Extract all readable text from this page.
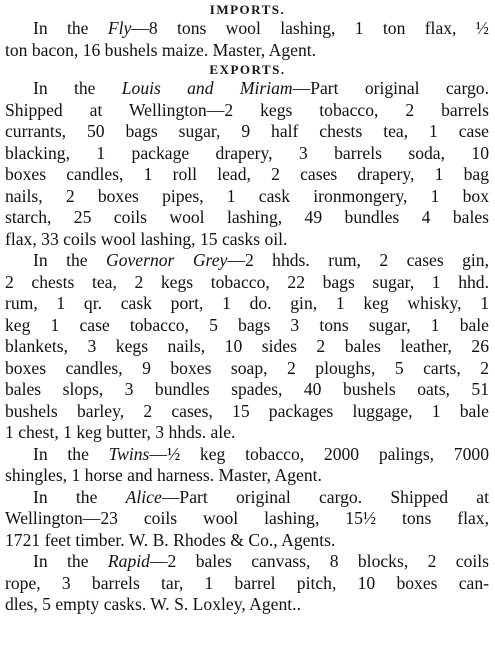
IMPORTS.
In the Fly—8 tons wool lashing, 1 ton flax, ½
ton bacon, 16 bushels maize. Master, Agent.
EXPORTS.
In the Louis and Miriam—Part original cargo.
Shipped at Wellington—2 kegs tobacco, 2 barrels
currants, 50 bags sugar, 9 half chests tea, 1 case
blacking, 1 package drapery, 3 barrels soda, 10
boxes candles, 1 roll lead, 2 cases drapery, 1 bag
nails, 2 boxes pipes, 1 cask ironmongery, 1 box
starch, 25 coils wool lashing, 49 bundles 4 bales
flax, 33 coils wool lashing, 15 casks oil.
In the Governor Grey—2 hhds. rum, 2 cases gin,
2 chests tea, 2 kegs tobacco, 22 bags sugar, 1 hhd.
rum, 1 qr. cask port, 1 do. gin, 1 keg whisky, 1
keg 1 case tobacco, 5 bags 3 tons sugar, 1 bale
blankets, 3 kegs nails, 10 sides 2 bales leather, 26
boxes candles, 9 boxes soap, 2 ploughs, 5 carts, 2
bales slops, 3 bundles spades, 40 bushels oats, 51
bushels barley, 2 cases, 15 packages luggage, 1 bale
1 chest, 1 keg butter, 3 hhds. ale.
In the Twins—½ keg tobacco, 2000 palings, 7000
shingles, 1 horse and harness. Master, Agent.
In the Alice—Part original cargo. Shipped at
Wellington—23 coils wool lashing, 15½ tons flax,
1721 feet timber. W. B. Rhodes & Co., Agents.
In the Rapid—2 bales canvass, 8 blocks, 2 coils
rope, 3 barrels tar, 1 barrel pitch, 10 boxes can-
dles, 5 empty casks. W. S. Loxley, Agent..
